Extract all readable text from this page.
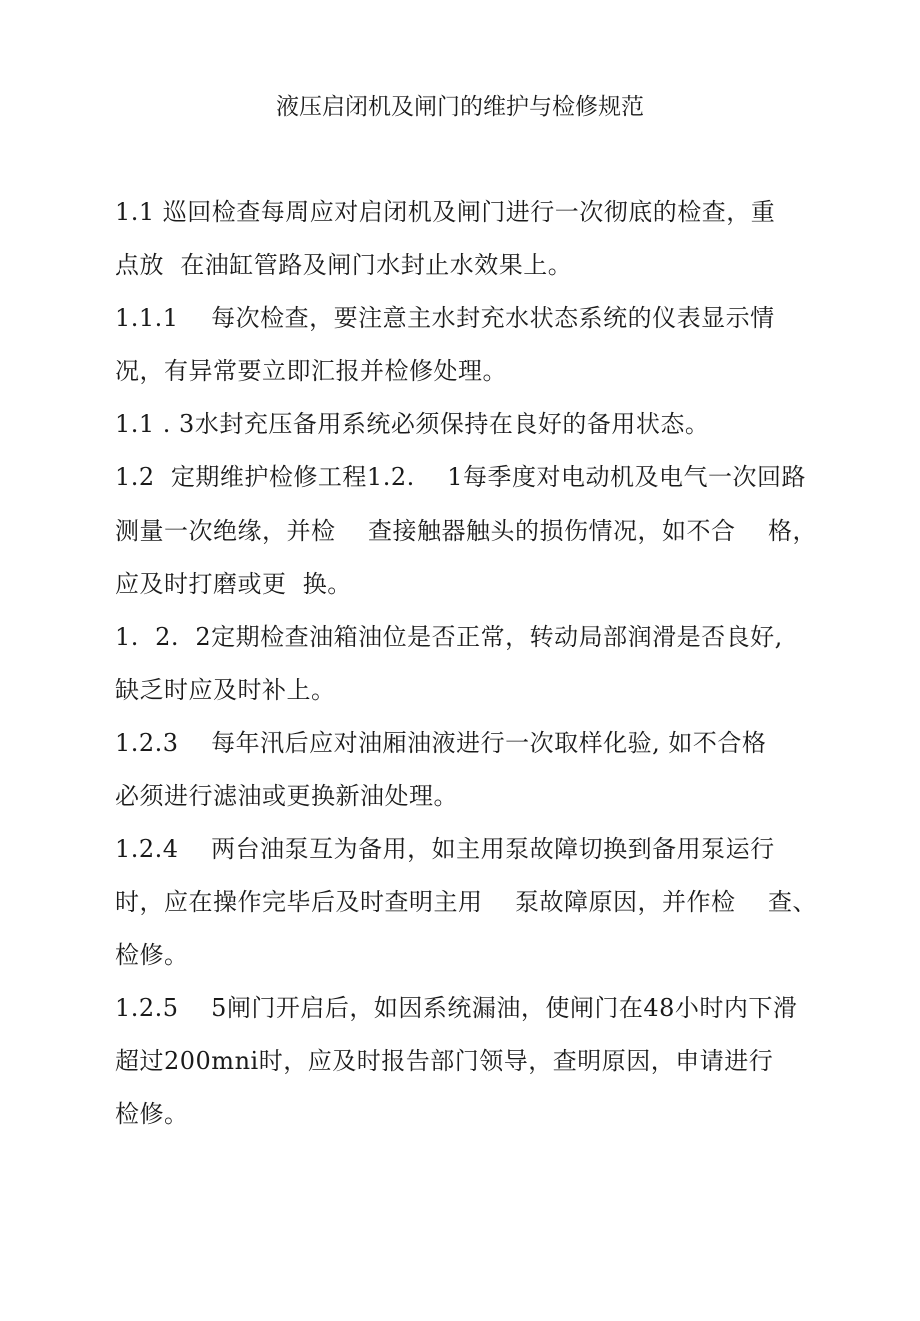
液压启闭机及闸门的维护与检修规范
1.1 巡回检查每周应对启闭机及闸门进行一次彻底的检查，重
点放  在油缸管路及闸门水封止水效果上。
1.1.1    每次检查，要注意主水封充水状态系统的仪表显示情
况，有异常要立即汇报并检修处理。
1.1 . 3水封充压备用系统必须保持在良好的备用状态。
1.2  定期维护检修工程1.2.    1每季度对电动机及电气一次回路
测量一次绝缘，并检    查接触器触头的损伤情况，如不合    格，
应及时打磨或更  换。
1.  2.  2定期检查油箱油位是否正常，转动局部润滑是否良好,
缺乏时应及时补上。
1.2.3    每年汛后应对油厢油液进行一次取样化验, 如不合格
必须进行滤油或更换新油处理。
1.2.4    两台油泵互为备用，如主用泵故障切换到备用泵运行
时，应在操作完毕后及时查明主用    泵故障原因，并作检    查、
检修。
1.2.5    5闸门开启后，如因系统漏油，使闸门在48小时内下滑
超过200mni时，应及时报告部门领导，查明原因，申请进行
检修。
